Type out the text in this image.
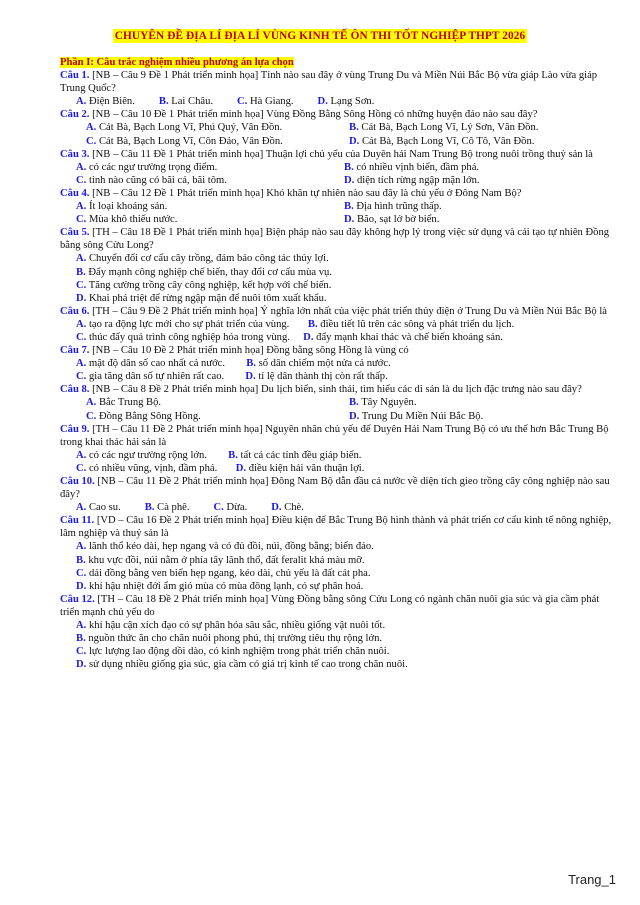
CHUYÊN ĐỀ ĐỊA LÍ ĐỊA LÍ VÙNG KINH TẾ ÔN THI TỐT NGHIỆP THPT 2026
Phần I: Câu trắc nghiệm nhiều phương án lựa chọn
Câu 1. [NB – Câu 9 Đề 1 Phát triển minh họa] Tỉnh nào sau đây ở vùng Trung Du và Miền Núi Bắc Bộ vừa giáp Lào vừa giáp Trung Quốc?
A. Điện Biên. B. Lai Châu. C. Hà Giang. D. Lạng Sơn.
Câu 2. [NB – Câu 10 Đề 1 Phát triển minh họa] Vùng Đồng Bằng Sông Hồng có những huyện đảo nào sau đây?
A. Cát Bà, Bạch Long Vĩ, Phú Quý, Vân Đồn.	B. Cát Bà, Bạch Long Vĩ, Lý Sơn, Vân Đồn.
C. Cát Bà, Bạch Long Vĩ, Côn Đảo, Vân Đồn.	D. Cát Bà, Bạch Long Vĩ, Cô Tô, Vân Đồn.
Câu 3. [NB – Câu 11 Đề 1 Phát triển minh họa] Thuận lợi chủ yếu của Duyên hải Nam Trung Bộ trong nuôi trồng thuỷ sản là
A. có các ngư trường trọng điểm.	B. có nhiều vịnh biển, đầm phá.
C. tỉnh nào cũng có bãi cá, bãi tôm.	D. diện tích rừng ngập mặn lớn.
Câu 4. [NB – Câu 12 Đề 1 Phát triển minh họa] Khó khăn tự nhiên nào sau đây là chủ yếu ở Đông Nam Bộ?
A. Ít loại khoáng sản.	B. Địa hình trũng thấp.
C. Mùa khô thiếu nước.	D. Bão, sạt lở bờ biển.
Câu 5. [TH – Câu 18 Đề 1 Phát triển minh họa] Biện pháp nào sau đây không hợp lý trong việc sử dụng và cải tạo tự nhiên Đồng bằng sông Cửu Long?
A. Chuyển đổi cơ cấu cây trồng, đảm bảo công tác thủy lợi.
B. Đẩy mạnh công nghiệp chế biến, thay đổi cơ cấu mùa vụ.
C. Tăng cường trồng cây công nghiệp, kết hợp với chế biến.
D. Khai phá triệt để rừng ngập mặn để nuôi tôm xuất khẩu.
Câu 6. [TH – Câu 9 Đề 2 Phát triển minh họa] Ý nghĩa lớn nhất của việc phát triển thủy điện ở Trung Du và Miền Núi Bắc Bộ là
A. tạo ra động lực mới cho sự phát triển của vùng. B. điều tiết lũ trên các sông và phát triển du lịch.
C. thúc đẩy quá trình công nghiệp hóa trong vùng. D. đẩy mạnh khai thác và chế biến khoáng sản.
Câu 7. [NB – Câu 10 Đề 2 Phát triển minh họa] Đồng bằng sông Hồng là vùng có
A. mật độ dân số cao nhất cả nước. B. số dân chiếm một nửa cả nước.
C. gia tăng dân số tự nhiên rất cao. D. tỉ lệ dân thành thị còn rất thấp.
Câu 8. [NB – Câu 8 Đề 2 Phát triển minh họa] Du lịch biển, sinh thái, tìm hiểu các di sản là du lịch đặc trưng nào sau đây?
A. Bắc Trung Bộ.	B. Tây Nguyên.
C. Đồng Bằng Sông Hồng.	D. Trung Du Miền Núi Bắc Bộ.
Câu 9. [TH – Câu 11 Đề 2 Phát triển minh họa] Nguyên nhân chủ yếu để Duyên Hải Nam Trung Bộ có ưu thế hơn Bắc Trung Bộ trong khai thác hải sản là
A. có các ngư trường rộng lớn. B. tất cả các tỉnh đều giáp biển.
C. có nhiều vũng, vịnh, đầm phá. D. điều kiện hải văn thuận lợi.
Câu 10. [NB – Câu 11 Đề 2 Phát triển minh họa] Đông Nam Bộ dẫn đầu cả nước về diện tích gieo trồng cây công nghiệp nào sau đây?
A. Cao su. B. Cà phê. C. Dừa. D. Chè.
Câu 11. [VD – Câu 16 Đề 2 Phát triển minh họa] Điều kiện để Bắc Trung Bộ hình thành và phát triển cơ cấu kinh tế nông nghiệp, lâm nghiệp và thuỷ sản là
A. lãnh thổ kéo dài, hẹp ngang và có đủ đồi, núi, đồng bằng; biển đảo.
B. khu vực đồi, núi nằm ở phía tây lãnh thổ, đất feralit khá màu mỡ.
C. dải đồng bằng ven biển hẹp ngang, kéo dài, chủ yếu là đất cát pha.
D. khí hậu nhiệt đới ẩm gió mùa có mùa đông lạnh, có sự phân hoá.
Câu 12. [TH – Câu 18 Đề 2 Phát triển minh họa] Vùng Đồng bằng sông Cửu Long có ngành chăn nuôi gia súc và gia cầm phát triển mạnh chủ yếu do
A. khí hậu cận xích đạo có sự phân hóa sâu sắc, nhiều giống vật nuôi tốt.
B. nguồn thức ăn cho chăn nuôi phong phú, thị trường tiêu thụ rộng lớn.
C. lực lượng lao động dồi dào, có kinh nghiệm trong phát triển chăn nuôi.
D. sử dụng nhiều giống gia súc, gia cầm có giá trị kinh tế cao trong chăn nuôi.
Trang_1
